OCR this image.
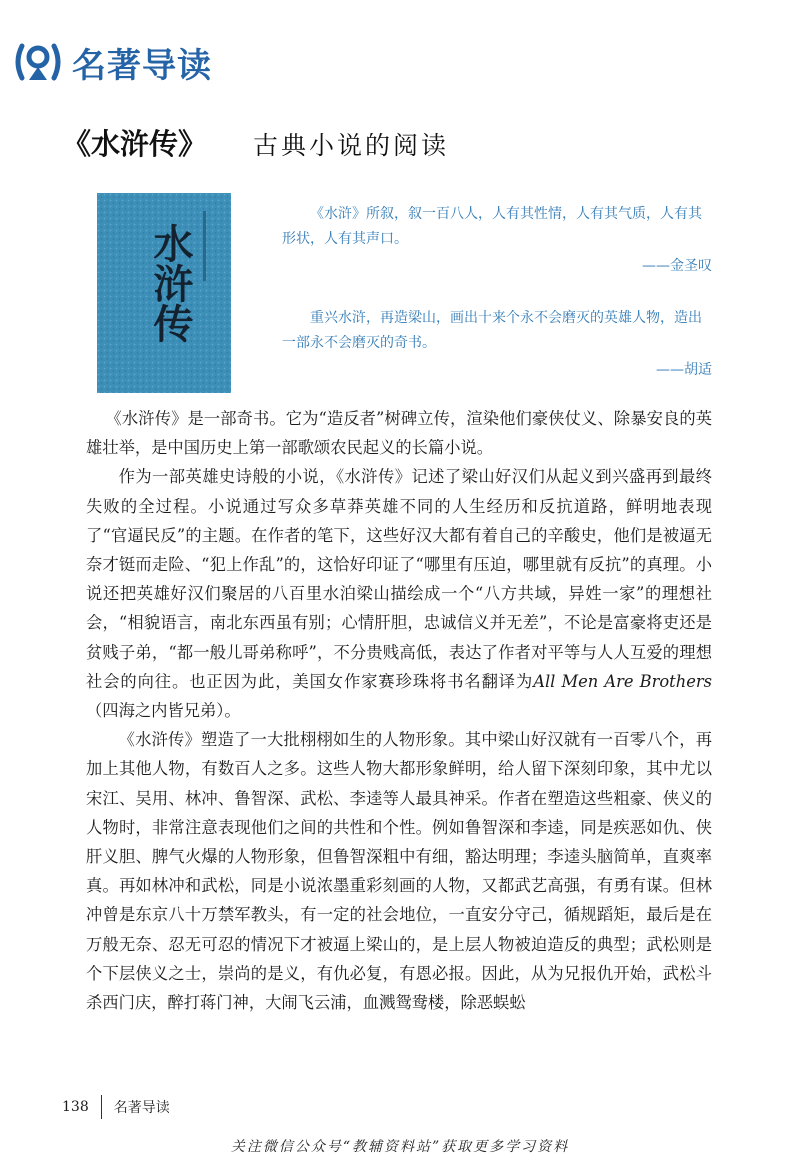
名著导读
《水浒传》 古典小说的阅读
水浒传

《水浒》所叙，叙一百八人，人有其性情，人有其气质，人有其形状，人有其声口。

——金圣叹

重兴水浒，再造梁山，画出十来个永不会磨灭的英雄人物，造出一部永不会磨灭的奇书。

——胡适

《水浒传》是一部奇书。它为“造反者”树碑立传，渲染他们豪侠仗义、除暴安良的英雄壮举，是中国历史上第一部歌颂农民起义的长篇小说。

作为一部英雄史诗般的小说，《水浒传》记述了梁山好汉们从起义到兴盛再到最终失败的全过程。小说通过写众多草莽英雄不同的人生经历和反抗道路，鲜明地表现了“官逼民反”的主题。在作者的笔下，这些好汉大都有着自己的辛酸史，他们是被逼无奈才铤而走险、“犯上作乱”的，这恰好印证了“哪里有压迫，哪里就有反抗”的真理。小说还把英雄好汉们聚居的八百里水泊梁山描绘成一个“八方共域，异姓一家”的理想社会，“相貌语言，南北东西虽有别；心情肝胆，忠诚信义并无差”，不论是富豪将吏还是贫贱子弟，“都一般儿哥弟称呼”，不分贵贱高低，表达了作者对平等与人人互爱的理想社会的向往。也正因为此，美国女作家赛珍珠将书名翻译为All Men Are Brothers（四海之内皆兄弟）。

《水浒传》塑造了一大批栩栩如生的人物形象。其中梁山好汉就有一百零八个，再加上其他人物，有数百人之多。这些人物大都形象鲜明，给人留下深刻印象，其中尤以宋江、吴用、林冲、鲁智深、武松、李逵等人最具神采。作者在塑造这些粗豪、侠义的人物时，非常注意表现他们之间的共性和个性。例如鲁智深和李逵，同是疾恶如仇、侠肝义胆、脾气火爆的人物形象，但鲁智深粗中有细，豁达明理；李逵头脑简单，直爽率真。再如林冲和武松，同是小说浓墨重彩刻画的人物，又都武艺高强，有勇有谋。但林冲曾是东京八十万禁军教头，有一定的社会地位，一直安分守己，循规蹈矩，最后是在万般无奈、忍无可忍的情况下才被逼上梁山的，是上层人物被迫造反的典型；武松则是个下层侠义之士，崇尚的是义，有仇必复，有恩必报。因此，从为兄报仇开始，武松斗杀西门庆，醉打蒋门神，大闹飞云浦，血溅鸳鸯楼，除恶蜈蚣

138 名著导读
关注微信公众号“教辅资料站”获取更多学习资料
